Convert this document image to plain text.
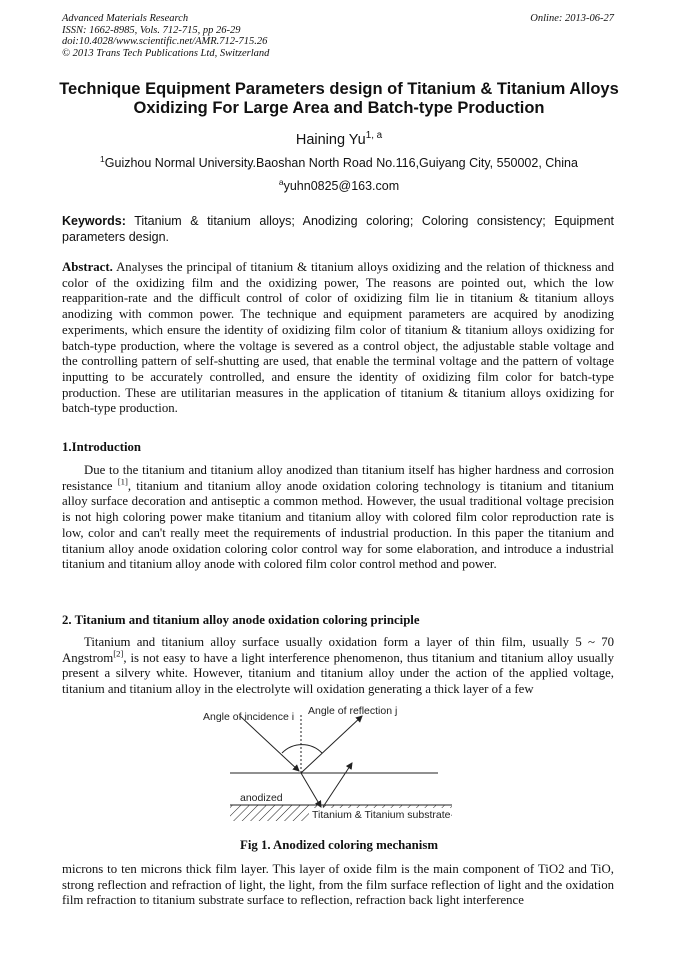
Advanced Materials Research
ISSN: 1662-8985, Vols. 712-715, pp 26-29
doi:10.4028/www.scientific.net/AMR.712-715.26
© 2013 Trans Tech Publications Ltd, Switzerland
Online: 2013-06-27
Technique Equipment Parameters design of Titanium & Titanium Alloys
Oxidizing For Large Area and Batch-type Production
Haining Yu$^{1, a}$
$^1$Guizhou Normal University.Baoshan North Road No.116,Guiyang City, 550002, China
$^a$yuhn0825@163.com
Keywords: Titanium & titanium alloys; Anodizing coloring; Coloring consistency; Equipment parameters design.
Abstract. Analyses the principal of titanium & titanium alloys oxidizing and the relation of thickness and color of the oxidizing film and the oxidizing power, The reasons are pointed out, which the low reapparition-rate and the difficult control of color of oxidizing film lie in titanium & titanium alloys anodizing with common power. The technique and equipment parameters are acquired by anodizing experiments, which ensure the identity of oxidizing film color of titanium & titanium alloys oxidizing for batch-type production, where the voltage is severed as a control object, the adjustable stable voltage and the controlling pattern of self-shutting are used, that enable the terminal voltage and the pattern of voltage inputting to be accurately controlled, and ensure the identity of oxidizing film color for batch-type production. These are utilitarian measures in the application of titanium & titanium alloys oxidizing for batch-type production.
1.Introduction
Due to the titanium and titanium alloy anodized than titanium itself has higher hardness and corrosion resistance [1], titanium and titanium alloy anode oxidation coloring technology is titanium and titanium alloy surface decoration and antiseptic a common method. However, the usual traditional voltage precision is not high coloring power make titanium and titanium alloy with colored film color reproduction rate is low, color and can't really meet the requirements of industrial production. In this paper the titanium and titanium alloy anode oxidation coloring color control way for some elaboration, and introduce a industrial titanium and titanium alloy anode with colored film color control method and power.
2. Titanium and titanium alloy anode oxidation coloring principle
Titanium and titanium alloy surface usually oxidation form a layer of thin film, usually 5 ~ 70 Angstrom[2], is not easy to have a light interference phenomenon, thus titanium and titanium alloy usually present a silvery white. However, titanium and titanium alloy under the action of the applied voltage, titanium and titanium alloy in the electrolyte will oxidation generating a thick layer of a few
Angle of incidence i Angle of reflection j
anodized
Titanium & Titanium substrate
Fig 1. Anodized coloring mechanism
microns to ten microns thick film layer. This layer of oxide film is the main component of TiO2 and TiO, strong reflection and refraction of light, the light, from the film surface reflection of light and the oxidation film refraction to titanium substrate surface to reflection, refraction back light interference
